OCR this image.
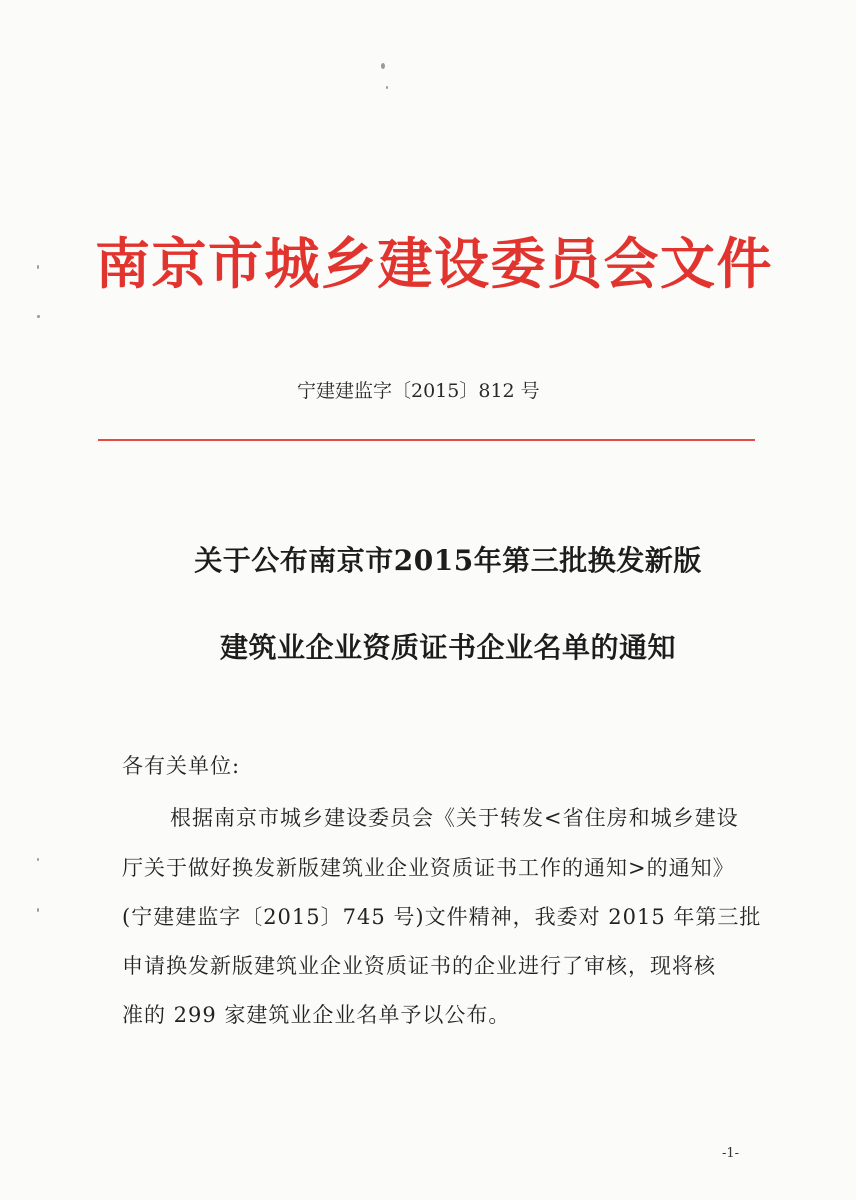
南京市城乡建设委员会文件
宁建建监字〔2015〕812 号
关于公布南京市2015年第三批换发新版
建筑业企业资质证书企业名单的通知
各有关单位:
根据南京市城乡建设委员会《关于转发<省住房和城乡建设
厅关于做好换发新版建筑业企业资质证书工作的通知>的通知》
(宁建建监字〔2015〕745 号)文件精神，我委对 2015 年第三批
申请换发新版建筑业企业资质证书的企业进行了审核，现将核
准的 299 家建筑业企业名单予以公布。
-1-
